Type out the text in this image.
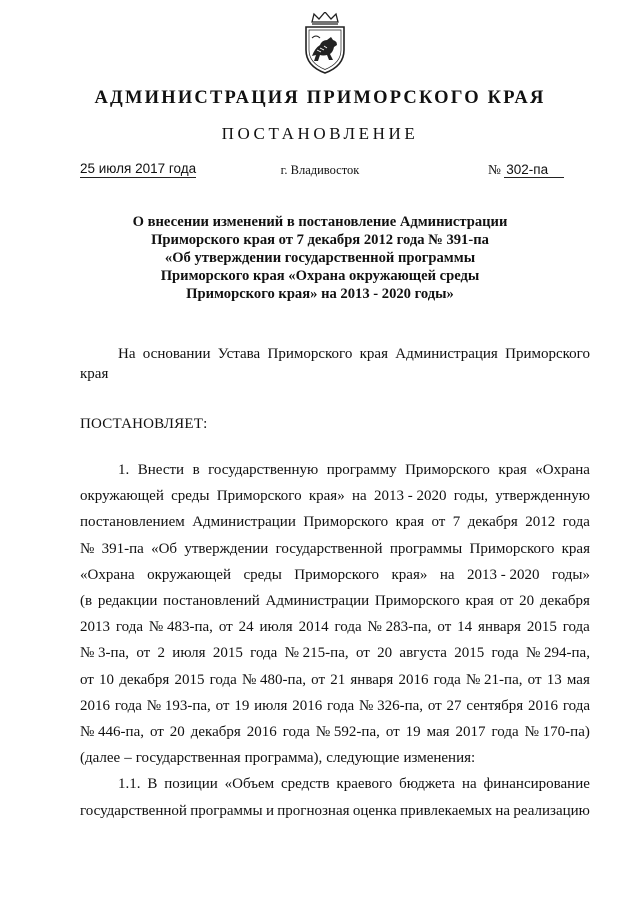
АДМИНИСТРАЦИЯ ПРИМОРСКОГО КРАЯ
ПОСТАНОВЛЕНИЕ
25 июля 2017 года	г. Владивосток	№ 302-па
О внесении изменений в постановление Администрации
Приморского края от 7 декабря 2012 года № 391-па
«Об утверждении государственной программы
Приморского края «Охрана окружающей среды
Приморского края» на 2013 - 2020 годы»
На основании Устава Приморского края Администрация Приморского
края
ПОСТАНОВЛЯЕТ:
1. Внести в государственную программу Приморского края «Охрана
окружающей среды Приморского края» на 2013 - 2020 годы, утвержденную
постановлением Администрации Приморского края от 7 декабря 2012 года
№ 391-па «Об утверждении государственной программы Приморского края
«Охрана окружающей среды Приморского края» на 2013 - 2020 годы»
(в редакции постановлений Администрации Приморского края от 20 декабря
2013 года № 483-па, от 24 июля 2014 года № 283-па, от 14 января 2015 года
№ 3-па, от 2 июля 2015 года № 215-па, от 20 августа 2015 года № 294-па,
от 10 декабря 2015 года № 480-па, от 21 января 2016 года № 21-па, от 13 мая
2016 года № 193-па, от 19 июля 2016 года № 326-па, от 27 сентября 2016 года
№ 446-па, от 20 декабря 2016 года № 592-па, от 19 мая 2017 года № 170-па)
(далее – государственная программа), следующие изменения:
1.1. В позиции «Объем средств краевого бюджета на финансирование
государственной программы и прогнозная оценка привлекаемых на реализацию
